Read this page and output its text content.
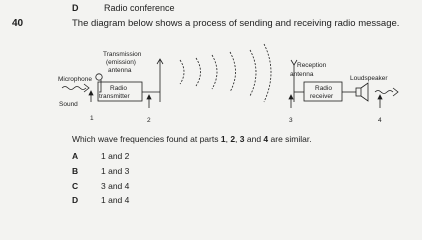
D	Radio conference
40	The diagram below shows a process of sending and receiving radio message.
Transmission
(emission)
antenna
Microphone
Sound
Radio
transmitter
Reception
antenna
Radio
receiver
Loudspeaker
1	2	3	4
Which wave frequencies found at parts 1, 2, 3 and 4 are similar.
A	1 and 2
B	1 and 3
C	3 and 4
D	1 and 4
